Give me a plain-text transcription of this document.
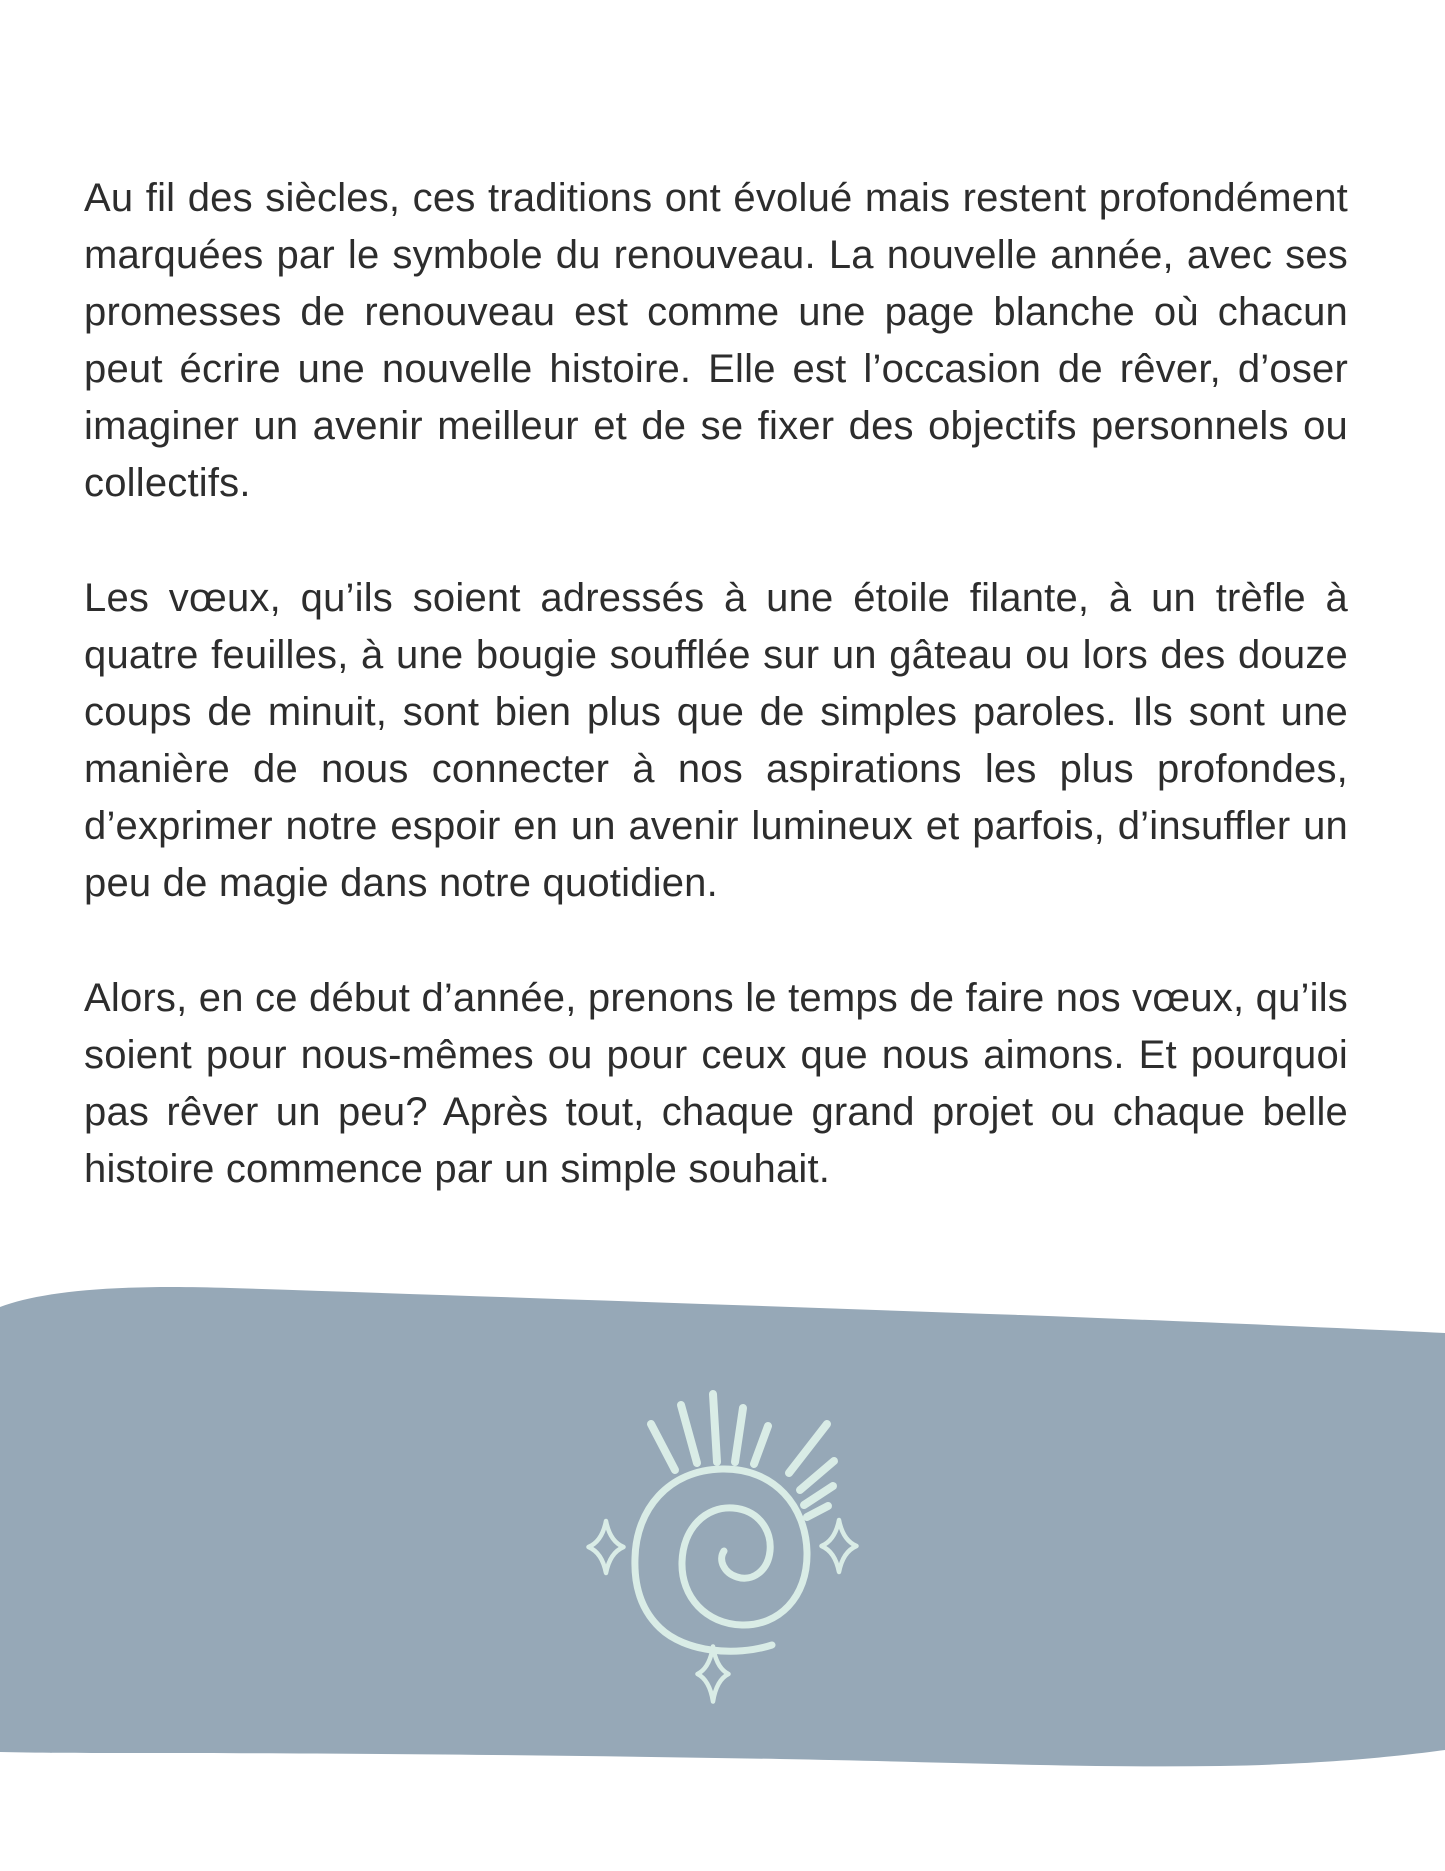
Au fil des siècles, ces traditions ont évolué mais restent profondément marquées par le symbole du renouveau. La nouvelle année, avec ses promesses de renouveau est comme une page blanche où chacun peut écrire une nouvelle histoire. Elle est l’occasion de rêver, d’oser imaginer un avenir meilleur et de se fixer des objectifs personnels ou collectifs.

Les vœux, qu’ils soient adressés à une étoile filante, à un trèfle à quatre feuilles, à une bougie soufflée sur un gâteau ou lors des douze coups de minuit, sont bien plus que de simples paroles. Ils sont une manière de nous connecter à nos aspirations les plus profondes, d’exprimer notre espoir en un avenir lumineux et parfois, d’insuffler un peu de magie dans notre quotidien.

Alors, en ce début d’année, prenons le temps de faire nos vœux, qu’ils soient pour nous-mêmes ou pour ceux que nous aimons. Et pourquoi pas rêver un peu? Après tout, chaque grand projet ou chaque belle histoire commence par un simple souhait.
